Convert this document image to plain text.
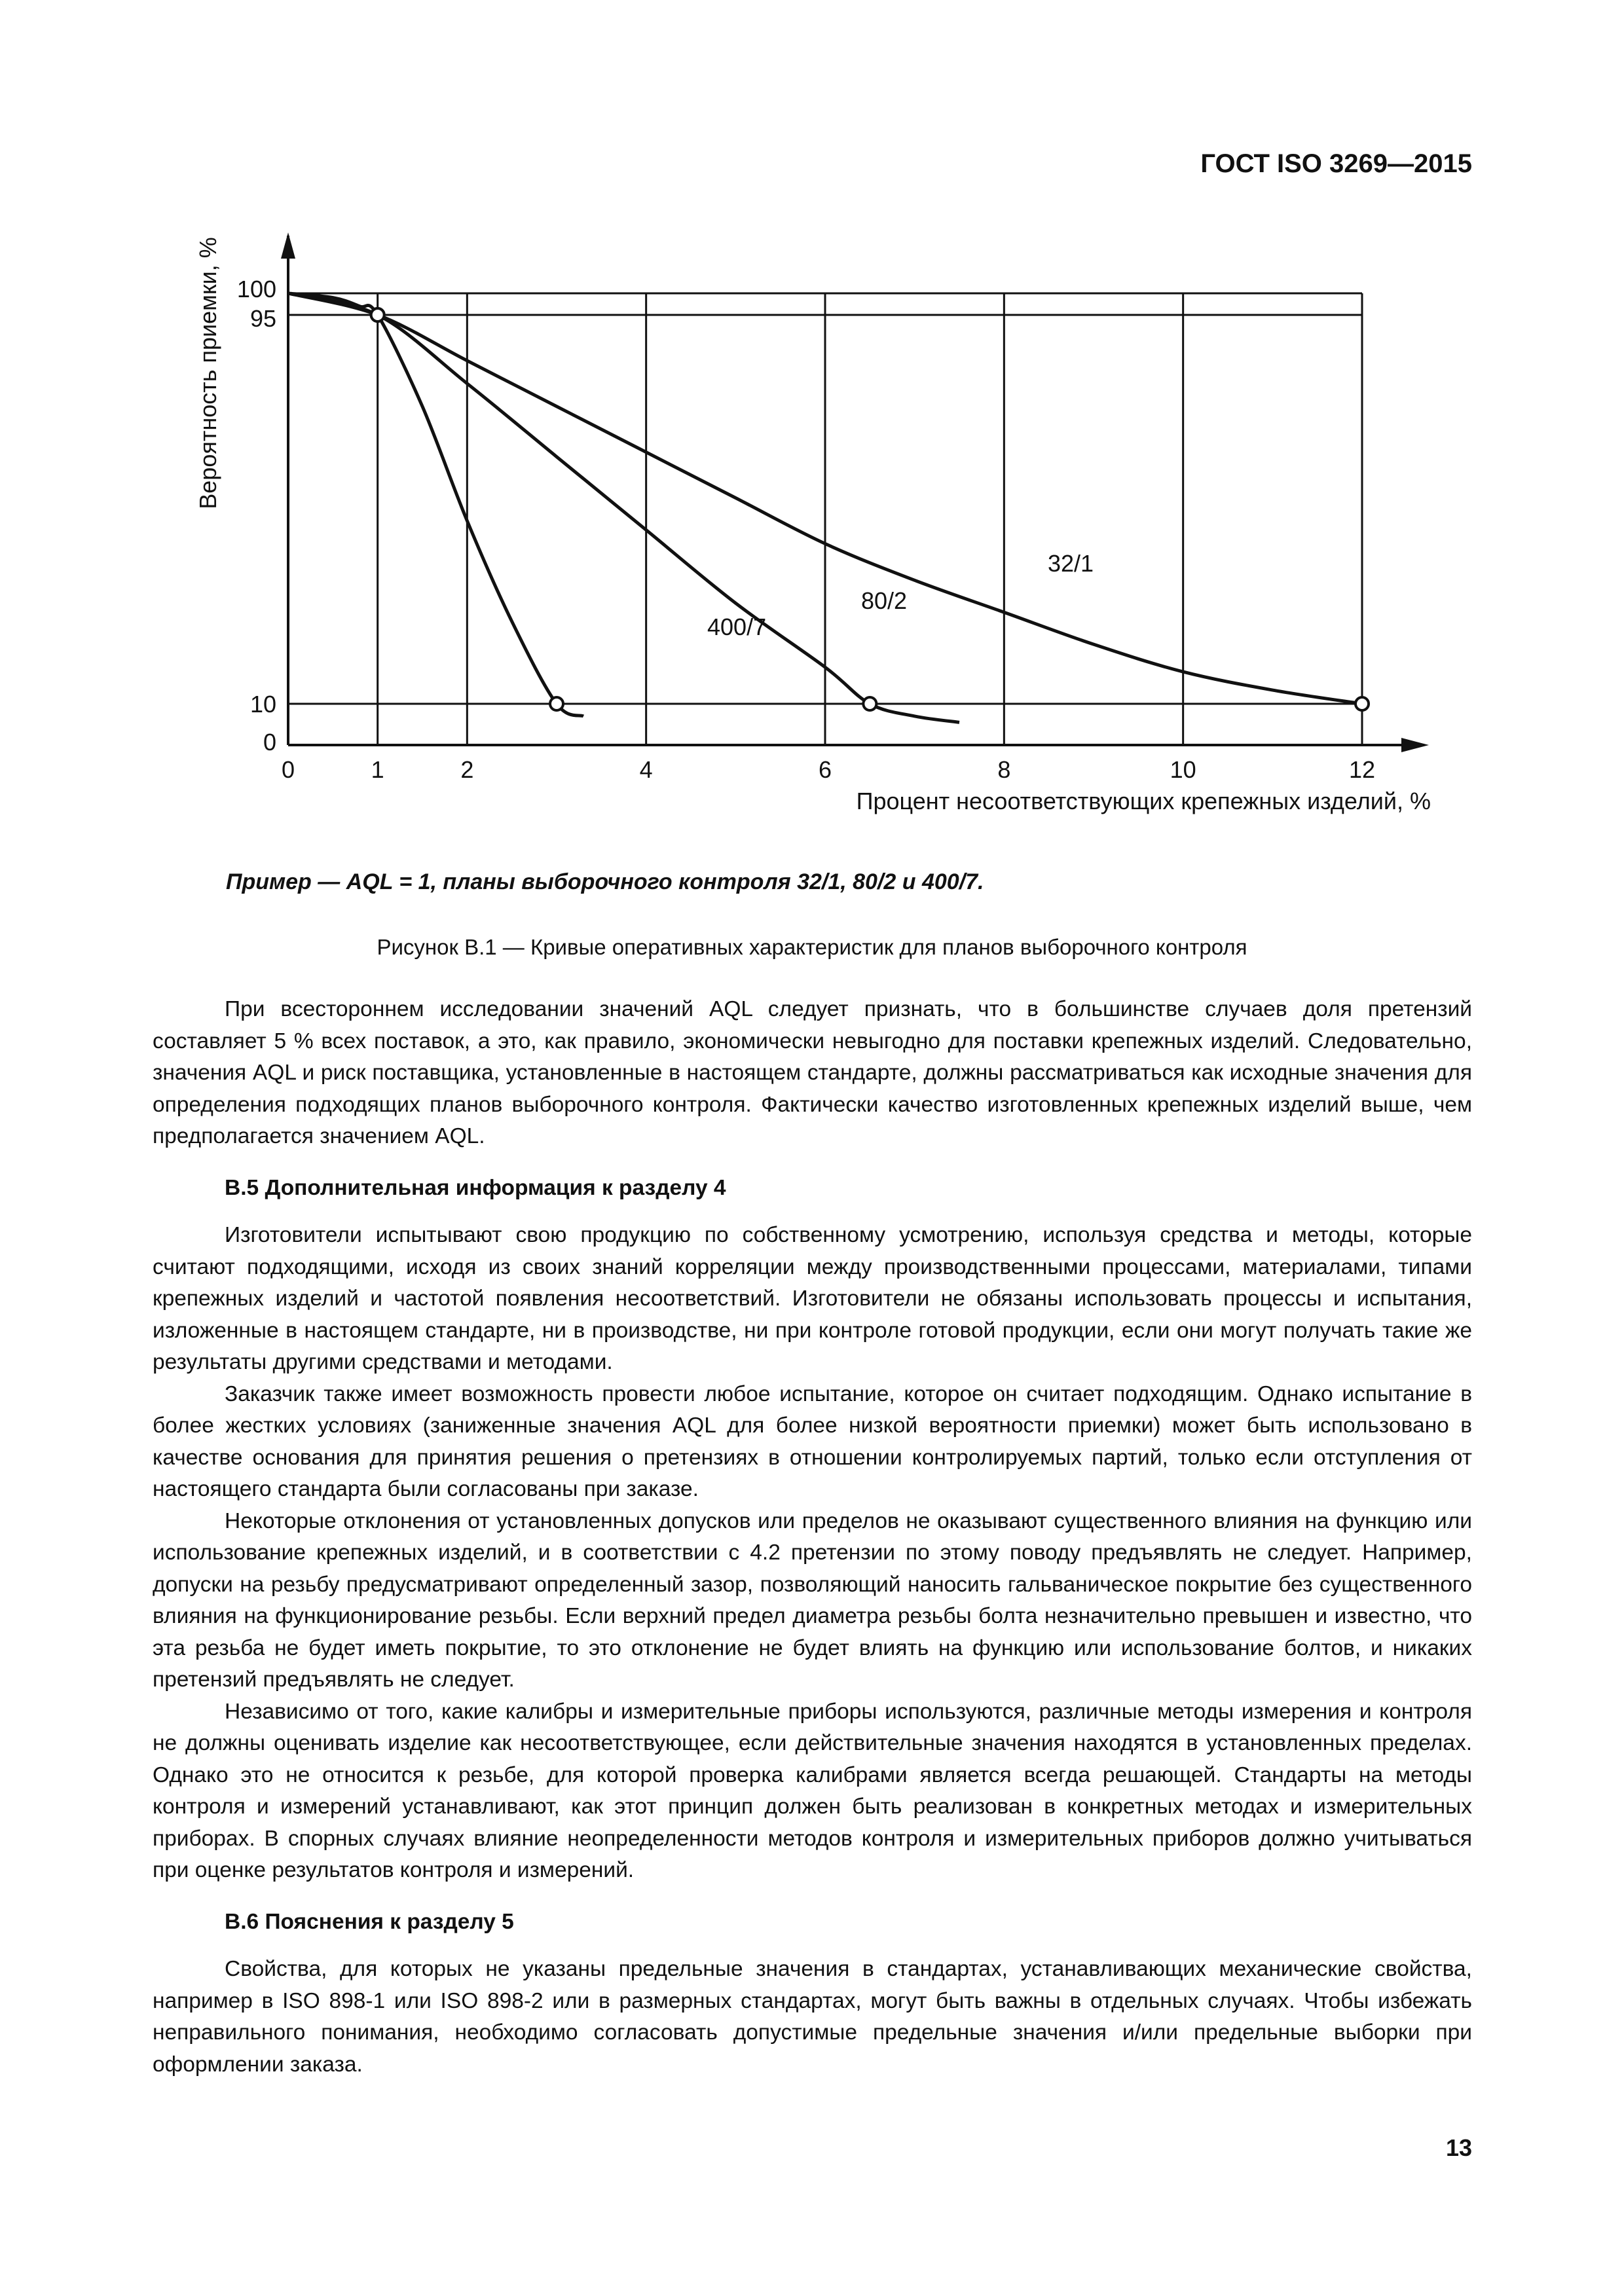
ГОСТ ISO 3269—2015
0	1	2	4	6	8	10	12
0
10
95
100
32/1
80/2
400/7
Вероятность приемки, %
Процент несоответствующих крепежных изделий, %
Пример — AQL = 1, планы выборочного контроля 32/1, 80/2 и 400/7.
Рисунок В.1 — Кривые оперативных характеристик для планов выборочного контроля

При всестороннем исследовании значений AQL следует признать, что в большинстве случаев доля претензий составляет 5 % всех поставок, а это, как правило, экономически невыгодно для поставки крепежных изделий. Следовательно, значения AQL и риск поставщика, установленные в настоящем стандарте, должны рассматриваться как исходные значения для определения подходящих планов выборочного контроля. Фактически качество изготовленных крепежных изделий выше, чем предполагается значением AQL.

В.5 Дополнительная информация к разделу 4

Изготовители испытывают свою продукцию по собственному усмотрению, используя средства и методы, которые считают подходящими, исходя из своих знаний корреляции между производственными процессами, материалами, типами крепежных изделий и частотой появления несоответствий. Изготовители не обязаны использовать процессы и испытания, изложенные в настоящем стандарте, ни в производстве, ни при контроле готовой продукции, если они могут получать такие же результаты другими средствами и методами.

Заказчик также имеет возможность провести любое испытание, которое он считает подходящим. Однако испытание в более жестких условиях (заниженные значения AQL для более низкой вероятности приемки) может быть использовано в качестве основания для принятия решения о претензиях в отношении контролируемых партий, только если отступления от настоящего стандарта были согласованы при заказе.

Некоторые отклонения от установленных допусков или пределов не оказывают существенного влияния на функцию или использование крепежных изделий, и в соответствии с 4.2 претензии по этому поводу предъявлять не следует. Например, допуски на резьбу предусматривают определенный зазор, позволяющий наносить гальваническое покрытие без существенного влияния на функционирование резьбы. Если верхний предел диаметра резьбы болта незначительно превышен и известно, что эта резьба не будет иметь покрытие, то это отклонение не будет влиять на функцию или использование болтов, и никаких претензий предъявлять не следует.

Независимо от того, какие калибры и измерительные приборы используются, различные методы измерения и контроля не должны оценивать изделие как несоответствующее, если действительные значения находятся в установленных пределах. Однако это не относится к резьбе, для которой проверка калибрами является всегда решающей. Стандарты на методы контроля и измерений устанавливают, как этот принцип должен быть реализован в конкретных методах и измерительных приборах. В спорных случаях влияние неопределенности методов контроля и измерительных приборов должно учитываться при оценке результатов контроля и измерений.

В.6 Пояснения к разделу 5

Свойства, для которых не указаны предельные значения в стандартах, устанавливающих механические свойства, например в ISO 898-1 или ISO 898-2 или в размерных стандартах, могут быть важны в отдельных случаях. Чтобы избежать неправильного понимания, необходимо согласовать допустимые предельные значения и/или предельные выборки при оформлении заказа.

13
